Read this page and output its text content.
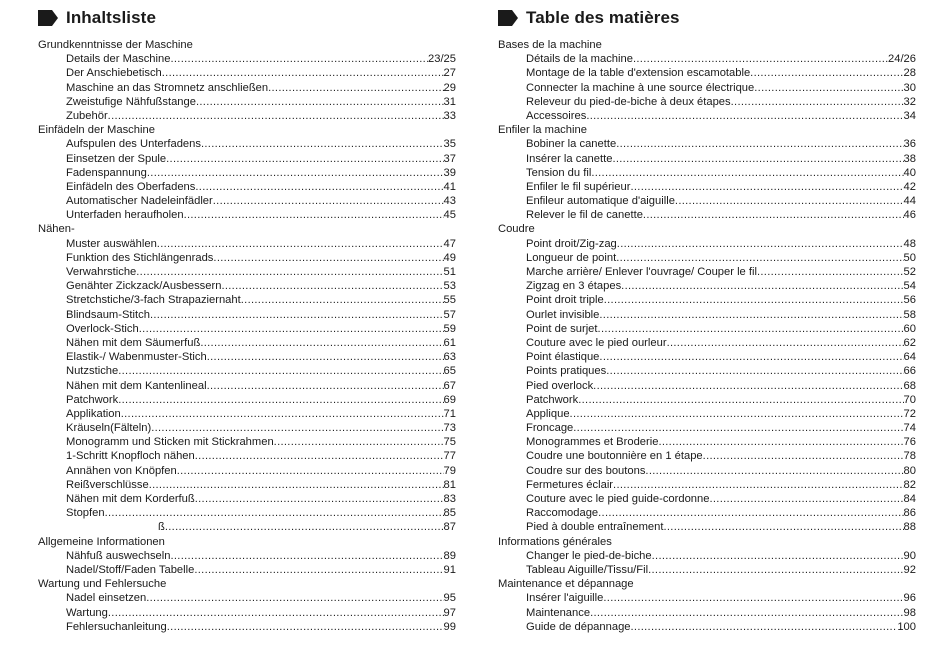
Inhaltsliste
Grundkenntnisse der Maschine
Details der Maschine .....	23/25
Der Anschiebetisch .....	27
Maschine an das Stromnetz anschließen .....	29
Zweistufige Nähfußstange .....	31
Zubehör .....	33
Einfädeln der Maschine
Aufspulen des Unterfadens .....	35
Einsetzen der Spule .....	37
Fadenspannung .....	39
Einfädeln des Oberfadens .....	41
Automatischer Nadeleinfädler .....	43
Unterfaden heraufholen .....	45
Nähen-
Muster auswählen .....	47
Funktion des Stichlängenrads .....	49
Verwahrstiche .....	51
Genähter Zickzack/Ausbessern .....	53
Stretchstiche/3-fach Strapaziernaht .....	55
Blindsaum-Stitch .....	57
Overlock-Stich .....	59
Nähen mit dem Säumerfuß .....	61
Elastik-/ Wabenmuster-Stich .....	63
Nutzstiche .....	65
Nähen mit dem Kantenlineal .....	67
Patchwork .....	69
Applikation .....	71
Kräuseln(Fälteln) .....	73
Monogramm und Sticken mit Stickrahmen .....	75
1-Schritt Knopfloch nähen .....	77
Annähen von Knöpfen .....	79
Reißverschlüsse .....	81
Nähen mit dem Korderfuß .....	83
Stopfen .....	85
ß .....	87
Allgemeine Informationen
Nähfuß auswechseln .....	89
Nadel/Stoff/Faden Tabelle .....	91
Wartung und Fehlersuche
Nadel einsetzen .....	95
Wartung .....	97
Fehlersuchanleitung .....	99
Table des matières
Bases de la machine
Détails de la machine .....	24/26
Montage de la table d'extension escamotable .....	28
Connecter la machine à une source électrique .....	30
Releveur du pied-de-biche à deux étapes .....	32
Accessoires .....	34
Enfiler la machine
Bobiner la canette .....	36
Insérer la canette .....	38
Tension du fil .....	40
Enfiler le fil supérieur .....	42
Enfileur automatique d'aiguille .....	44
Relever le fil de canette .....	46
Coudre
Point droit/Zig-zag .....	48
Longueur de point .....	50
Marche arrière/ Enlever l'ouvrage/ Couper le fil .....	52
Zigzag en 3 étapes .....	54
Point droit triple .....	56
Ourlet invisible .....	58
Point de surjet .....	60
Couture avec le pied ourleur .....	62
Point élastique .....	64
Points pratiques .....	66
Pied overlock .....	68
Patchwork .....	70
Applique .....	72
Froncage .....	74
Monogrammes et Broderie .....	76
Coudre une boutonnière en 1 étape .....	78
Coudre sur des boutons .....	80
Fermetures éclair .....	82
Couture avec le pied guide-cordonne .....	84
Raccomodage .....	86
Pied à double entraînement .....	88
Informations générales
Changer le pied-de-biche .....	90
Tableau Aiguille/Tissu/Fil .....	92
Maintenance et dépannage
Insérer l'aiguille .....	96
Maintenance .....	98
Guide de dépannage .....	100
